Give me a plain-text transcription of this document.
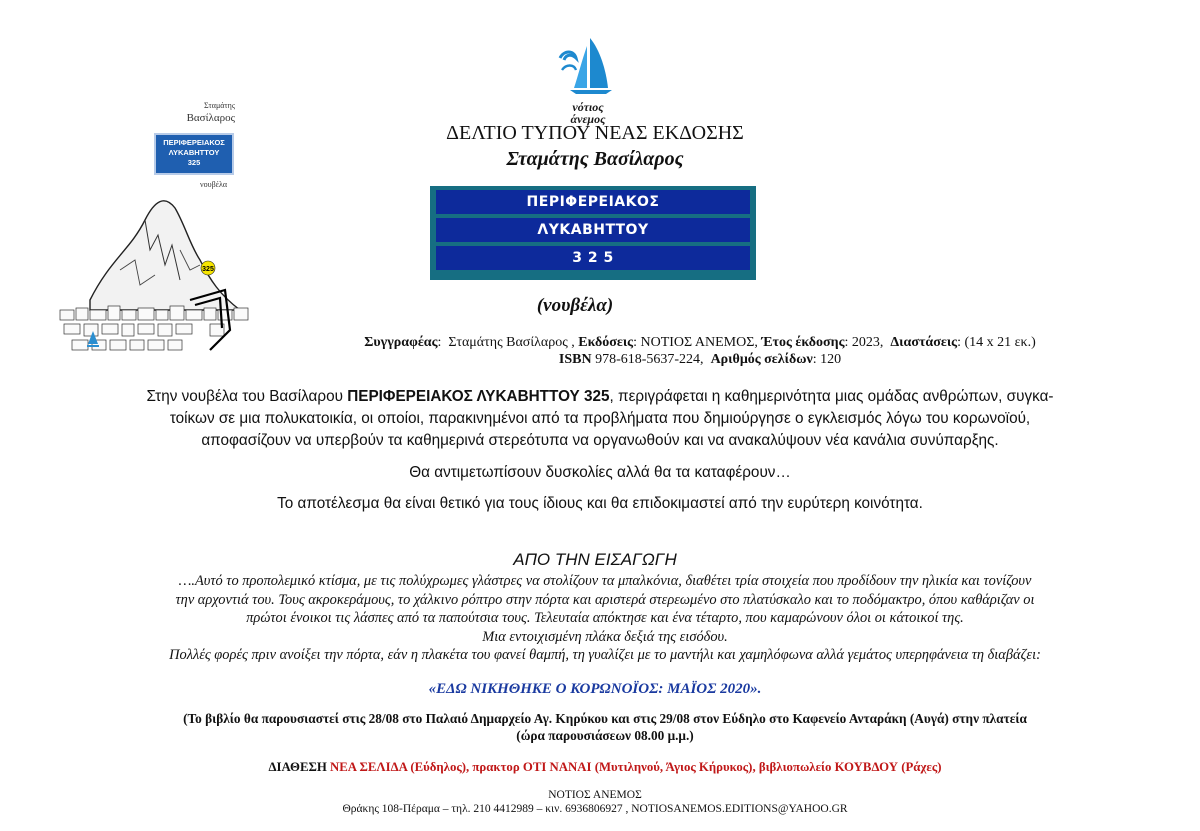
Σταμάτης
Βασίλαρος
ΠΕΡΙΦΕΡΕΙΑΚΟΣ
ΛΥΚΑΒΗΤΤΟΥ
325
νουβέλα
325
νότιος
άνεμος
ΔΕΛΤΙΟ ΤΥΠΟΥ ΝΕΑΣ ΕΚΔΟΣΗΣ
Σταμάτης Βασίλαρος
ΠΕΡΙΦΕΡΕΙΑΚΟΣ
ΛΥΚΑΒΗΤΤΟΥ
3 2 5
(νουβέλα)
Συγγραφέας:  Σταμάτης Βασίλαρος , Εκδόσεις: ΝΟΤΙΟΣ ΑΝΕΜΟΣ, Έτος έκδοσης: 2023, Διαστάσεις: (14 x 21 εκ.)
ISBN 978-618-5637-224, Αριθμός σελίδων: 120
Στην νουβέλα του Βασίλαρου ΠΕΡΙΦΕΡΕΙΑΚΟΣ ΛΥΚΑΒΗΤΤΟΥ 325, περιγράφεται η καθημερινότητα μιας ομάδας ανθρώπων, συγκα-
τοίκων σε μια πολυκατοικία, οι οποίοι, παρακινημένοι από τα προβλήματα που δημιούργησε ο εγκλεισμός λόγω του κορωνοϊού,
αποφασίζουν να υπερβούν τα καθημερινά στερεότυπα να οργανωθούν και να ανακαλύψουν νέα κανάλια συνύπαρξης.
Θα αντιμετωπίσουν δυσκολίες αλλά θα τα καταφέρουν…
Το αποτέλεσμα θα είναι θετικό για τους ίδιους και θα επιδοκιμαστεί από την ευρύτερη κοινότητα.
ΑΠΟ ΤΗΝ ΕΙΣΑΓΩΓΗ
….Αυτό το προπολεμικό κτίσμα, με τις πολύχρωμες γλάστρες να στολίζουν τα μπαλκόνια, διαθέτει τρία στοιχεία που προδίδουν την ηλικία και τονίζουν
την αρχοντιά του. Τους ακροκεράμους, το χάλκινο ρόπτρο στην πόρτα και αριστερά στερεωμένο στο πλατύσκαλο και το ποδόμακτρο, όπου καθάριζαν οι
πρώτοι ένοικοι τις λάσπες από τα παπούτσια τους. Τελευταία απόκτησε και ένα τέταρτο, που καμαρώνουν όλοι οι κάτοικοί της.
Μια εντοιχισμένη πλάκα δεξιά της εισόδου.
Πολλές φορές πριν ανοίξει την πόρτα, εάν η πλακέτα του φανεί θαμπή, τη γυαλίζει με το μαντήλι και χαμηλόφωνα αλλά γεμάτος υπερηφάνεια τη διαβάζει:
«ΕΔΩ ΝΙΚΗΘΗΚΕ Ο ΚΟΡΩΝΟΪΟΣ: ΜΑΪΟΣ 2020».
(Το βιβλίο θα παρουσιαστεί στις 28/08 στο Παλαιό Δημαρχείο Αγ. Κηρύκου και στις 29/08 στον Εύδηλο στο Καφενείο Ανταράκη (Αυγά) στην πλατεία
(ώρα παρουσιάσεων 08.00 μ.μ.)
ΔΙΑΘΕΣΗ ΝΕΑ ΣΕΛΙΔΑ (Εύδηλος), πρακτορ ΟΤΙ ΝΑΝΑΙ (Μυτιληνού, Άγιος Κήρυκος), βιβλιοπωλείο ΚΟΥΒΔΟΥ (Ράχες)
ΝΟΤΙΟΣ ΑΝΕΜΟΣ
Θράκης 108-Πέραμα – τηλ. 210 4412989 – κιν. 6936806927 , NOTIOSANEMOS.EDITIONS@YAHOO.GR
